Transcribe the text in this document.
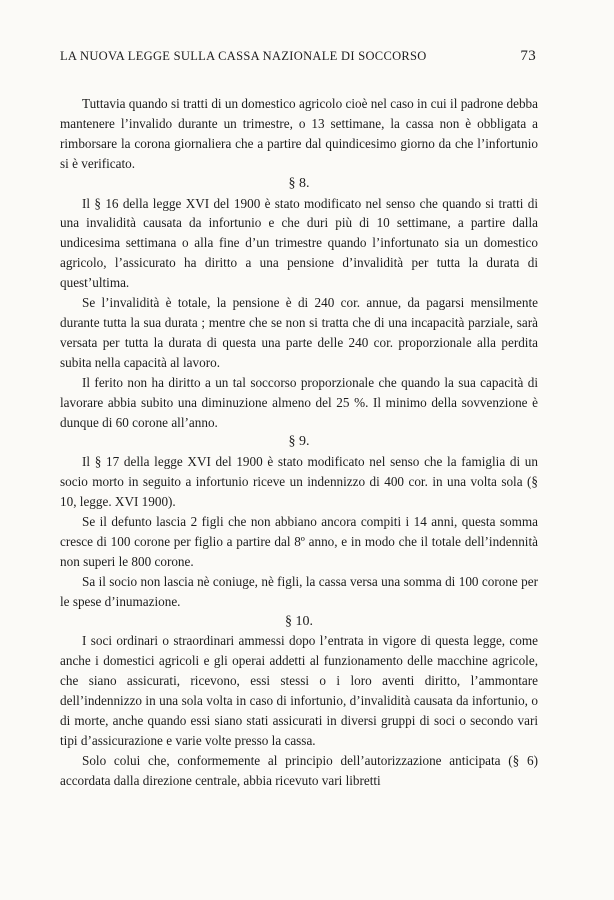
LA NUOVA LEGGE SULLA CASSA NAZIONALE DI SOCCORSO	73

Tuttavia quando si tratti di un domestico agricolo cioè nel caso in cui il padrone debba mantenere l’invalido durante un trimestre, o 13 settimane, la cassa non è obbligata a rimborsare la corona giornaliera che a partire dal quindicesimo giorno da che l’infortunio si è verificato.

§ 8.

Il § 16 della legge XVI del 1900 è stato modificato nel senso che quando si tratti di una invalidità causata da infortunio e che duri più di 10 settimane, a partire dalla undicesima settimana o alla fine d’un trimestre quando l’infortunato sia un domestico agricolo, l’assicurato ha diritto a una pensione d’invalidità per tutta la durata di quest’ultima.

Se l’invalidità è totale, la pensione è di 240 cor. annue, da pagarsi mensilmente durante tutta la sua durata ; mentre che se non si tratta che di una incapacità parziale, sarà versata per tutta la durata di questa una parte delle 240 cor. proporzionale alla perdita subita nella capacità al lavoro.

Il ferito non ha diritto a un tal soccorso proporzionale che quando la sua capacità di lavorare abbia subito una diminuzione almeno del 25 %. Il minimo della sovvenzione è dunque di 60 corone all’anno.

§ 9.

Il § 17 della legge XVI del 1900 è stato modificato nel senso che la famiglia di un socio morto in seguito a infortunio riceve un indennizzo di 400 cor. in una volta sola (§ 10, legge. XVI 1900).

Se il defunto lascia 2 figli che non abbiano ancora compiti i 14 anni, questa somma cresce di 100 corone per figlio a partire dal 8º anno, e in modo che il totale dell’indennità non superi le 800 corone.

Sa il socio non lascia nè coniuge, nè figli, la cassa versa una somma di 100 corone per le spese d’inumazione.

§ 10.

I soci ordinari o straordinari ammessi dopo l’entrata in vigore di questa legge, come anche i domestici agricoli e gli operai addetti al funzionamento delle macchine agricole, che siano assicurati, ricevono, essi stessi o i loro aventi diritto, l’ammontare dell’indennizzo in una sola volta in caso di infortunio, d’invalidità causata da infortunio, o di morte, anche quando essi siano stati assicurati in diversi gruppi di soci o secondo vari tipi d’assicurazione e varie volte presso la cassa.

Solo colui che, conformemente al principio dell’autorizzazione anticipata (§ 6) accordata dalla direzione centrale, abbia ricevuto vari libretti
